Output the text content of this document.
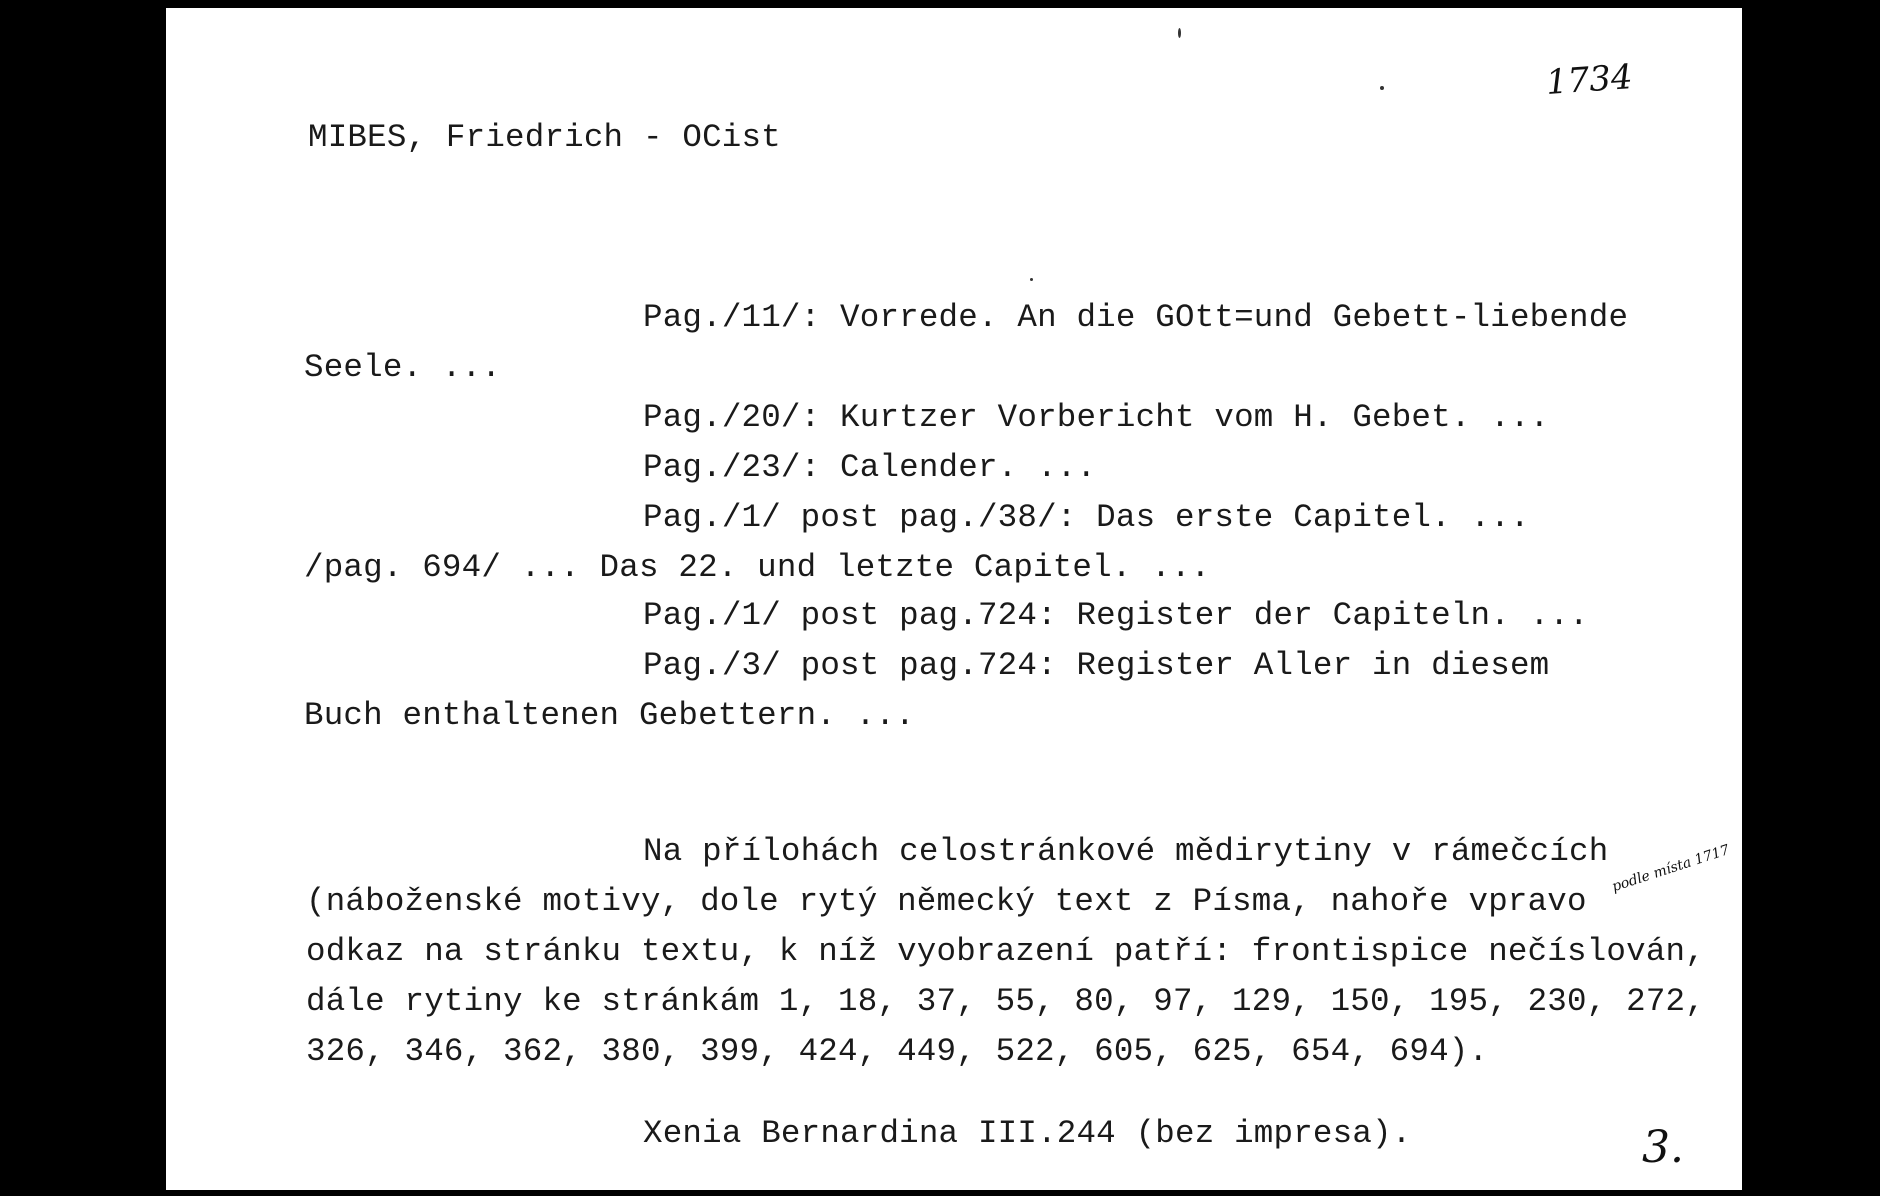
1734
MIBES, Friedrich - OCist
Pag./11/: Vorrede. An die GOtt=und Gebett-liebende
Seele. ...
Pag./20/: Kurtzer Vorbericht vom H. Gebet. ...
Pag./23/: Calender. ...
Pag./1/ post pag./38/: Das erste Capitel. ...
/pag. 694/ ... Das 22. und letzte Capitel. ...
Pag./1/ post pag.724: Register der Capiteln. ...
Pag./3/ post pag.724: Register Aller in diesem
Buch enthaltenen Gebettern. ...
Na přílohách celostránkové mědirytiny v rámečcích
(náboženské motivy, dole rytý německý text z Písma, nahoře vpravo
odkaz na stránku textu, k níž vyobrazení patří: frontispice nečíslován,
dále rytiny ke stránkám 1, 18, 37, 55, 80, 97, 129, 150, 195, 230, 272,
326, 346, 362, 380, 399, 424, 449, 522, 605, 625, 654, 694).
Xenia Bernardina III.244 (bez impresa).	3.
podle místa 1717
